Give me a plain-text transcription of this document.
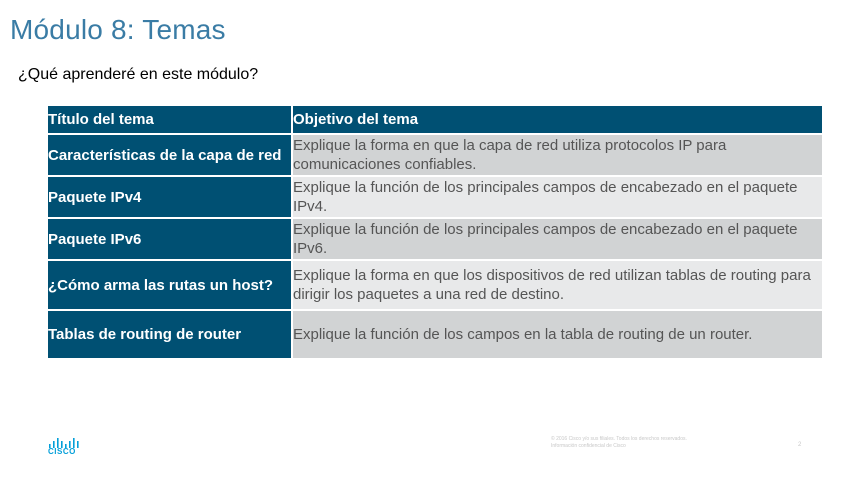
Módulo 8: Temas
¿Qué aprenderé en este módulo?
Título del tema	Objetivo del tema
Características de la capa de red	Explique la forma en que la capa de red utiliza protocolos IP para comunicaciones confiables.
Paquete IPv4	Explique la función de los principales campos de encabezado en el paquete IPv4.
Paquete IPv6	Explique la función de los principales campos de encabezado en el paquete IPv6.
¿Cómo arma las rutas un host?	Explique la forma en que los dispositivos de red utilizan tablas de routing para dirigir los paquetes a una red de destino.
Tablas de routing de router	Explique la función de los campos en la tabla de routing de un router.
CISCO
© 2016 Cisco y/o sus filiales. Todos los derechos reservados.
Información confidencial de Cisco	2
